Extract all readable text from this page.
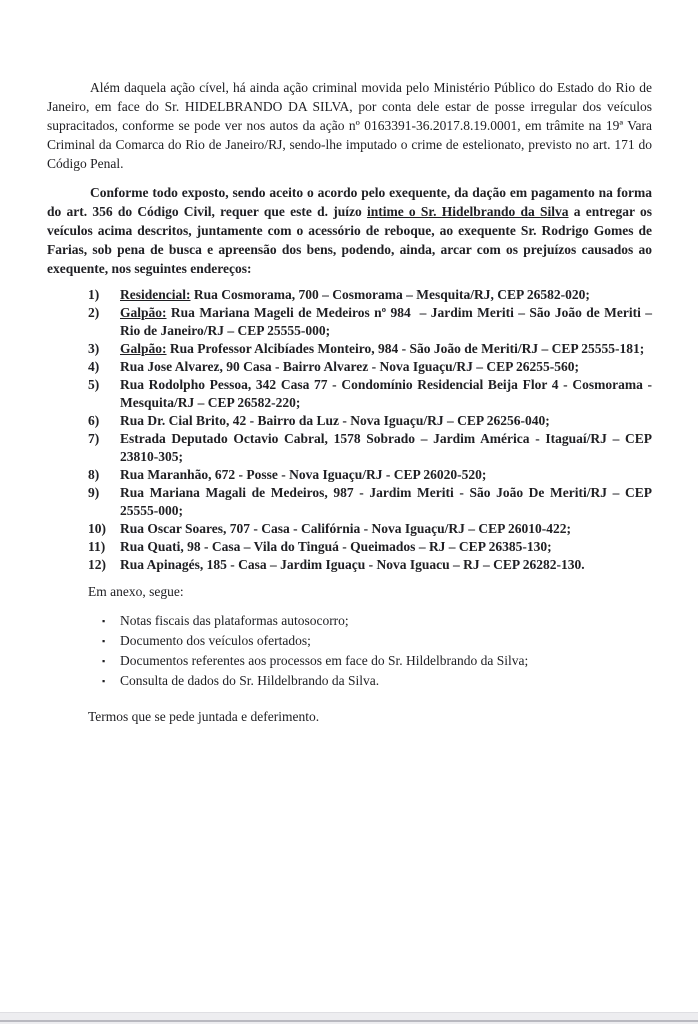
Além daquela ação cível, há ainda ação criminal movida pelo Ministério Público do Estado do Rio de Janeiro, em face do Sr. HIDELBRANDO DA SILVA, por conta dele estar de posse irregular dos veículos supracitados, conforme se pode ver nos autos da ação nº 0163391-36.2017.8.19.0001, em trâmite na 19ª Vara Criminal da Comarca do Rio de Janeiro/RJ, sendo-lhe imputado o crime de estelionato, previsto no art. 171 do Código Penal.

Conforme todo exposto, sendo aceito o acordo pelo exequente, da dação em pagamento na forma do art. 356 do Código Civil, requer que este d. juízo intime o Sr. Hidelbrando da Silva a entregar os veículos acima descritos, juntamente com o acessório de reboque, ao exequente Sr. Rodrigo Gomes de Farias, sob pena de busca e apreensão dos bens, podendo, ainda, arcar com os prejuízos causados ao exequente, nos seguintes endereços:

1)	Residencial: Rua Cosmorama, 700 – Cosmorama – Mesquita/RJ, CEP 26582-020;
2)	Galpão: Rua Mariana Mageli de Medeiros nº 984  – Jardim Meriti – São João de Meriti – Rio de Janeiro/RJ – CEP 25555-000;
3)	Galpão: Rua Professor Alcibíades Monteiro, 984 - São João de Meriti/RJ – CEP 25555-181;
4)	Rua Jose Alvarez, 90 Casa - Bairro Alvarez - Nova Iguaçu/RJ – CEP 26255-560;
5)	Rua Rodolpho Pessoa, 342 Casa 77 - Condomínio Residencial Beija Flor 4 - Cosmorama - Mesquita/RJ – CEP 26582-220;
6)	Rua Dr. Cial Brito, 42 - Bairro da Luz - Nova Iguaçu/RJ – CEP 26256-040;
7)	Estrada Deputado Octavio Cabral, 1578 Sobrado – Jardim América - Itaguaí/RJ – CEP 23810-305;
8)	Rua Maranhão, 672 - Posse - Nova Iguaçu/RJ - CEP 26020-520;
9)	Rua Mariana Magali de Medeiros, 987 - Jardim Meriti - São João De Meriti/RJ – CEP 25555-000;
10)	Rua Oscar Soares, 707 - Casa - Califórnia - Nova Iguaçu/RJ – CEP 26010-422;
11)	Rua Quati, 98 - Casa – Vila do Tinguá - Queimados – RJ – CEP 26385-130;
12)	Rua Apinagés, 185 - Casa – Jardim Iguaçu - Nova Iguacu – RJ – CEP 26282-130.

Em anexo, segue:

▪	Notas fiscais das plataformas autosocorro;
▪	Documento dos veículos ofertados;
▪	Documentos referentes aos processos em face do Sr. Hildelbrando da Silva;
▪	Consulta de dados do Sr. Hildelbrando da Silva.

Termos que se pede juntada e deferimento.
